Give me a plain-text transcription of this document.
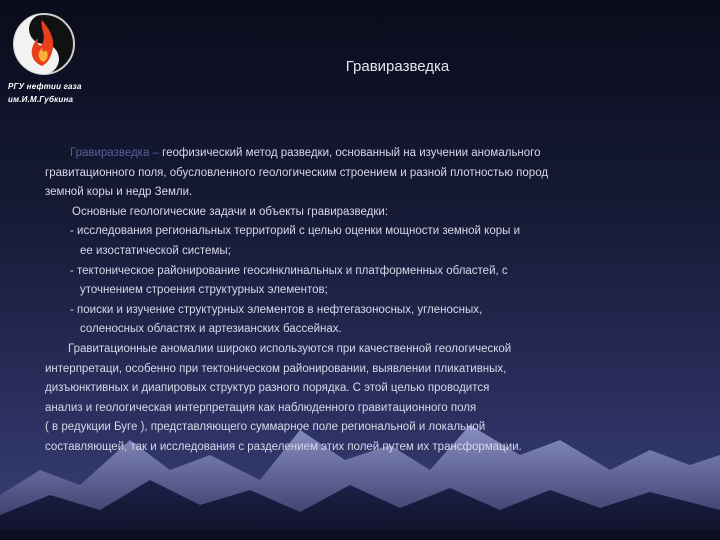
РГУ нефтии газа
им.И.М.Губкина
Гравиразведка
Гравиразведка – геофизический метод разведки, основанный на изучении аномального
гравитационного поля, обусловленного геологическим строением и разной плотностью пород
земной коры и недр Земли.
Основные геологические задачи и объекты гравиразведки:
- исследования региональных территорий с целью оценки мощности земной коры и
ее изостатической системы;
- тектоническое районирование геосинклинальных и платформенных областей, с
уточнением строения структурных элементов;
- поиски и изучение структурных элементов в нефтегазоносных, угленосных,
соленосных областях и артезианских бассейнах.
Гравитационные аномалии широко используются при качественной геологической
интерпретаци, особенно при тектоническом районировании, выявлении пликативных,
дизъюнктивных и диапировых структур разного порядка. С этой целью проводится
анализ и геологическая интерпретация как наблюденного гравитационного поля
( в редукции Буге ), представляющего суммарное поле региональной и локальной
составляющей, так и исследования с разделением этих полей путем их трансформации.
